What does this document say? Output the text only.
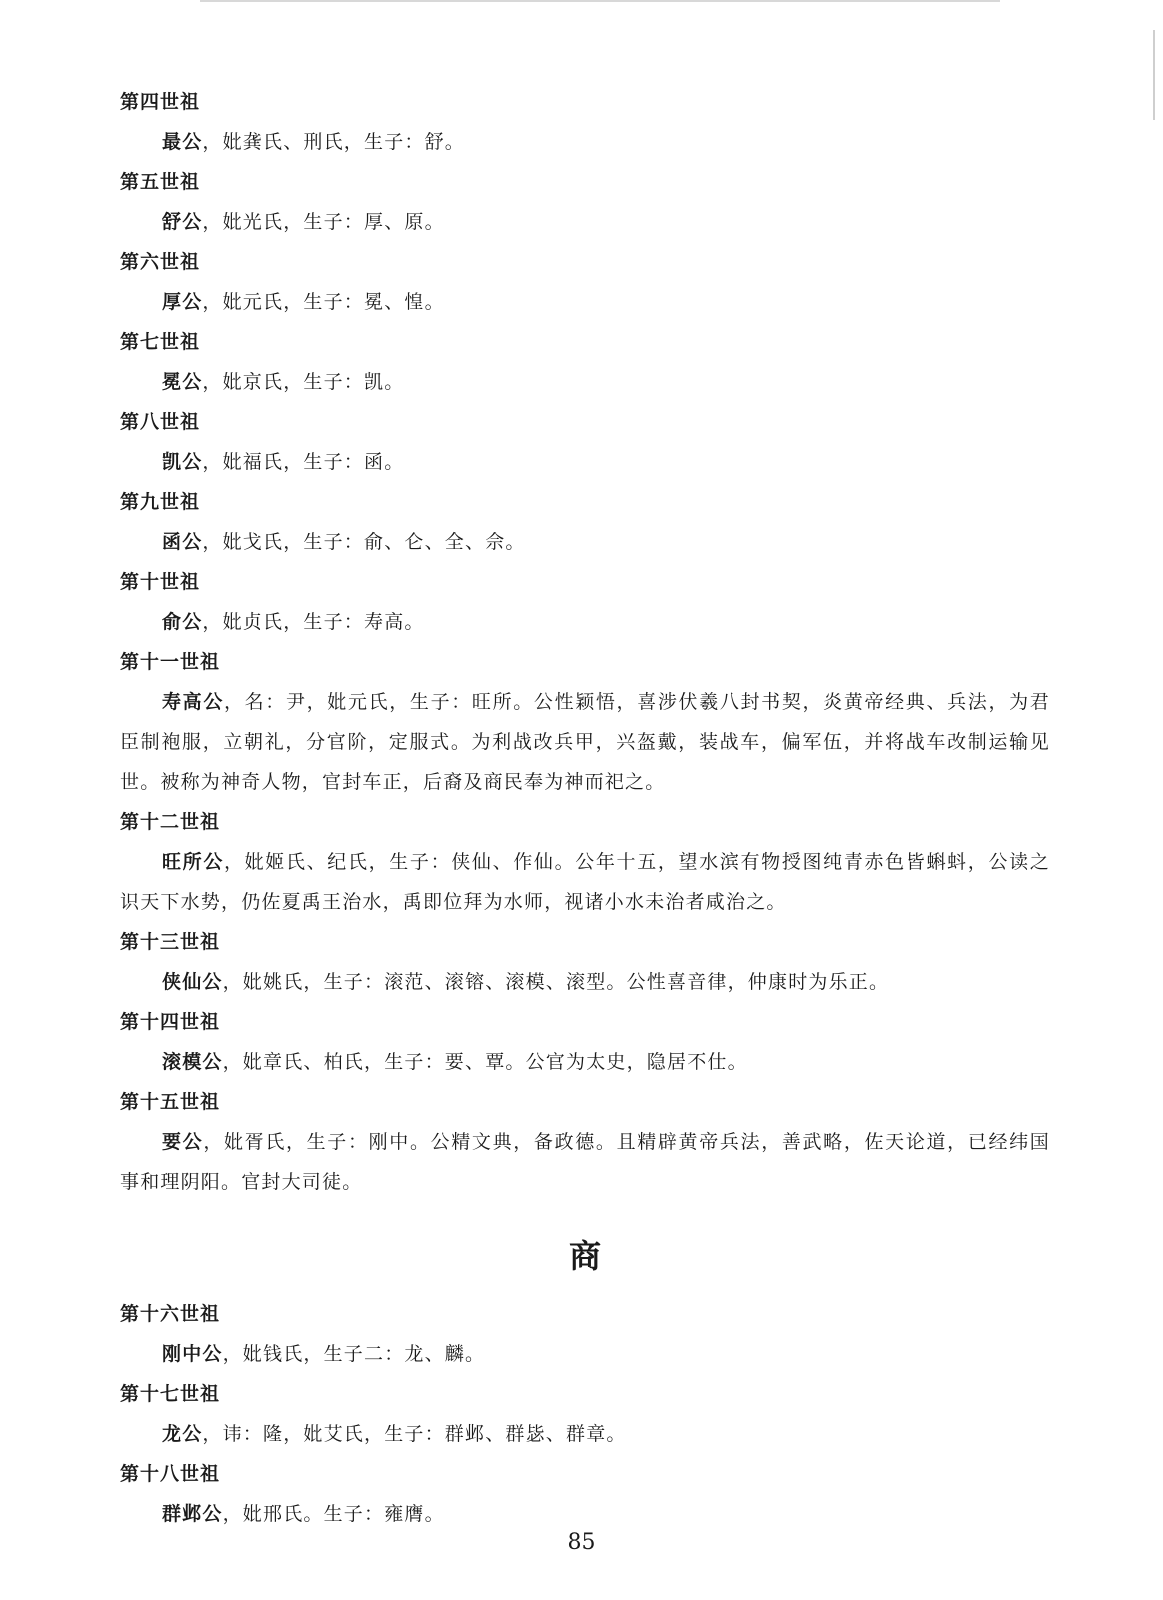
第四世祖

最公，妣龚氏、刑氏，生子：舒。

第五世祖

舒公，妣光氏，生子：厚、原。

第六世祖

厚公，妣元氏，生子：冕、惶。

第七世祖

冕公，妣京氏，生子：凯。

第八世祖

凯公，妣福氏，生子：函。

第九世祖

函公，妣戈氏，生子：俞、仑、全、佘。

第十世祖

俞公，妣贞氏，生子：寿高。

第十一世祖

寿高公，名：尹，妣元氏，生子：旺所。公性颖悟，喜涉伏羲八封书契，炎黄帝经典、兵法，为君臣制袍服，立朝礼，分官阶，定服式。为利战改兵甲，兴盔戴，装战车，偏军伍，并将战车改制运输见世。被称为神奇人物，官封车正，后裔及商民奉为神而祀之。

第十二世祖

旺所公，妣姬氏、纪氏，生子：侠仙、作仙。公年十五，望水滨有物授图纯青赤色皆蝌蚪，公读之识天下水势，仍佐夏禹王治水，禹即位拜为水师，视诸小水未治者咸治之。

第十三世祖

侠仙公，妣姚氏，生子：滚范、滚镕、滚模、滚型。公性喜音律，仲康时为乐正。

第十四世祖

滚模公，妣章氏、柏氏，生子：要、覃。公官为太史，隐居不仕。

第十五世祖

要公，妣胥氏，生子：刚中。公精文典，备政德。且精辟黄帝兵法，善武略，佐天论道，已经纬国事和理阴阳。官封大司徒。

商
第十六世祖

刚中公，妣钱氏，生子二：龙、麟。

第十七世祖

龙公，讳：隆，妣艾氏，生子：群邺、群毖、群章。

第十八世祖

群邺公，妣邢氏。生子：雍膺。

85
